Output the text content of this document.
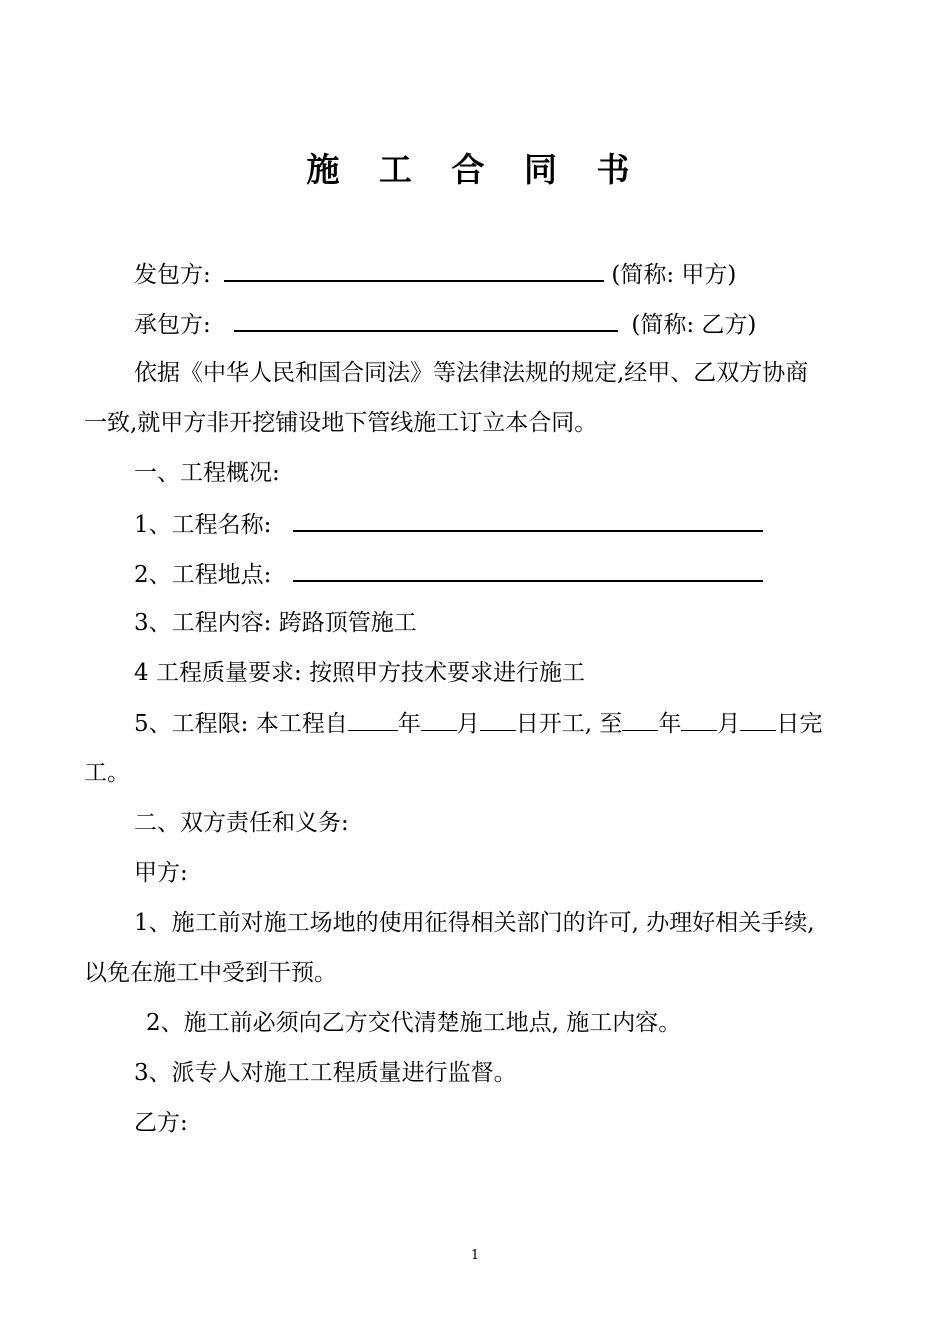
施 工 合 同 书
发包方:	(简称: 甲方)
承包方:	(简称: 乙方)
依据《中华人民和国合同法》等法律法规的规定,经甲、乙双方协商
一致,就甲方非开挖铺设地下管线施工订立本合同。
一、工程概况:
1、工程名称:
2、工程地点:
3、工程内容: 跨路顶管施工
4 工程质量要求: 按照甲方技术要求进行施工
5、工程限: 本工程自 年 月 日开工, 至 年 月 日完
工。
二、双方责任和义务:
甲方:
1、施工前对施工场地的使用征得相关部门的许可, 办理好相关手续,
以免在施工中受到干预。
2、施工前必须向乙方交代清楚施工地点, 施工内容。
3、派专人对施工工程质量进行监督。
乙方:
1
